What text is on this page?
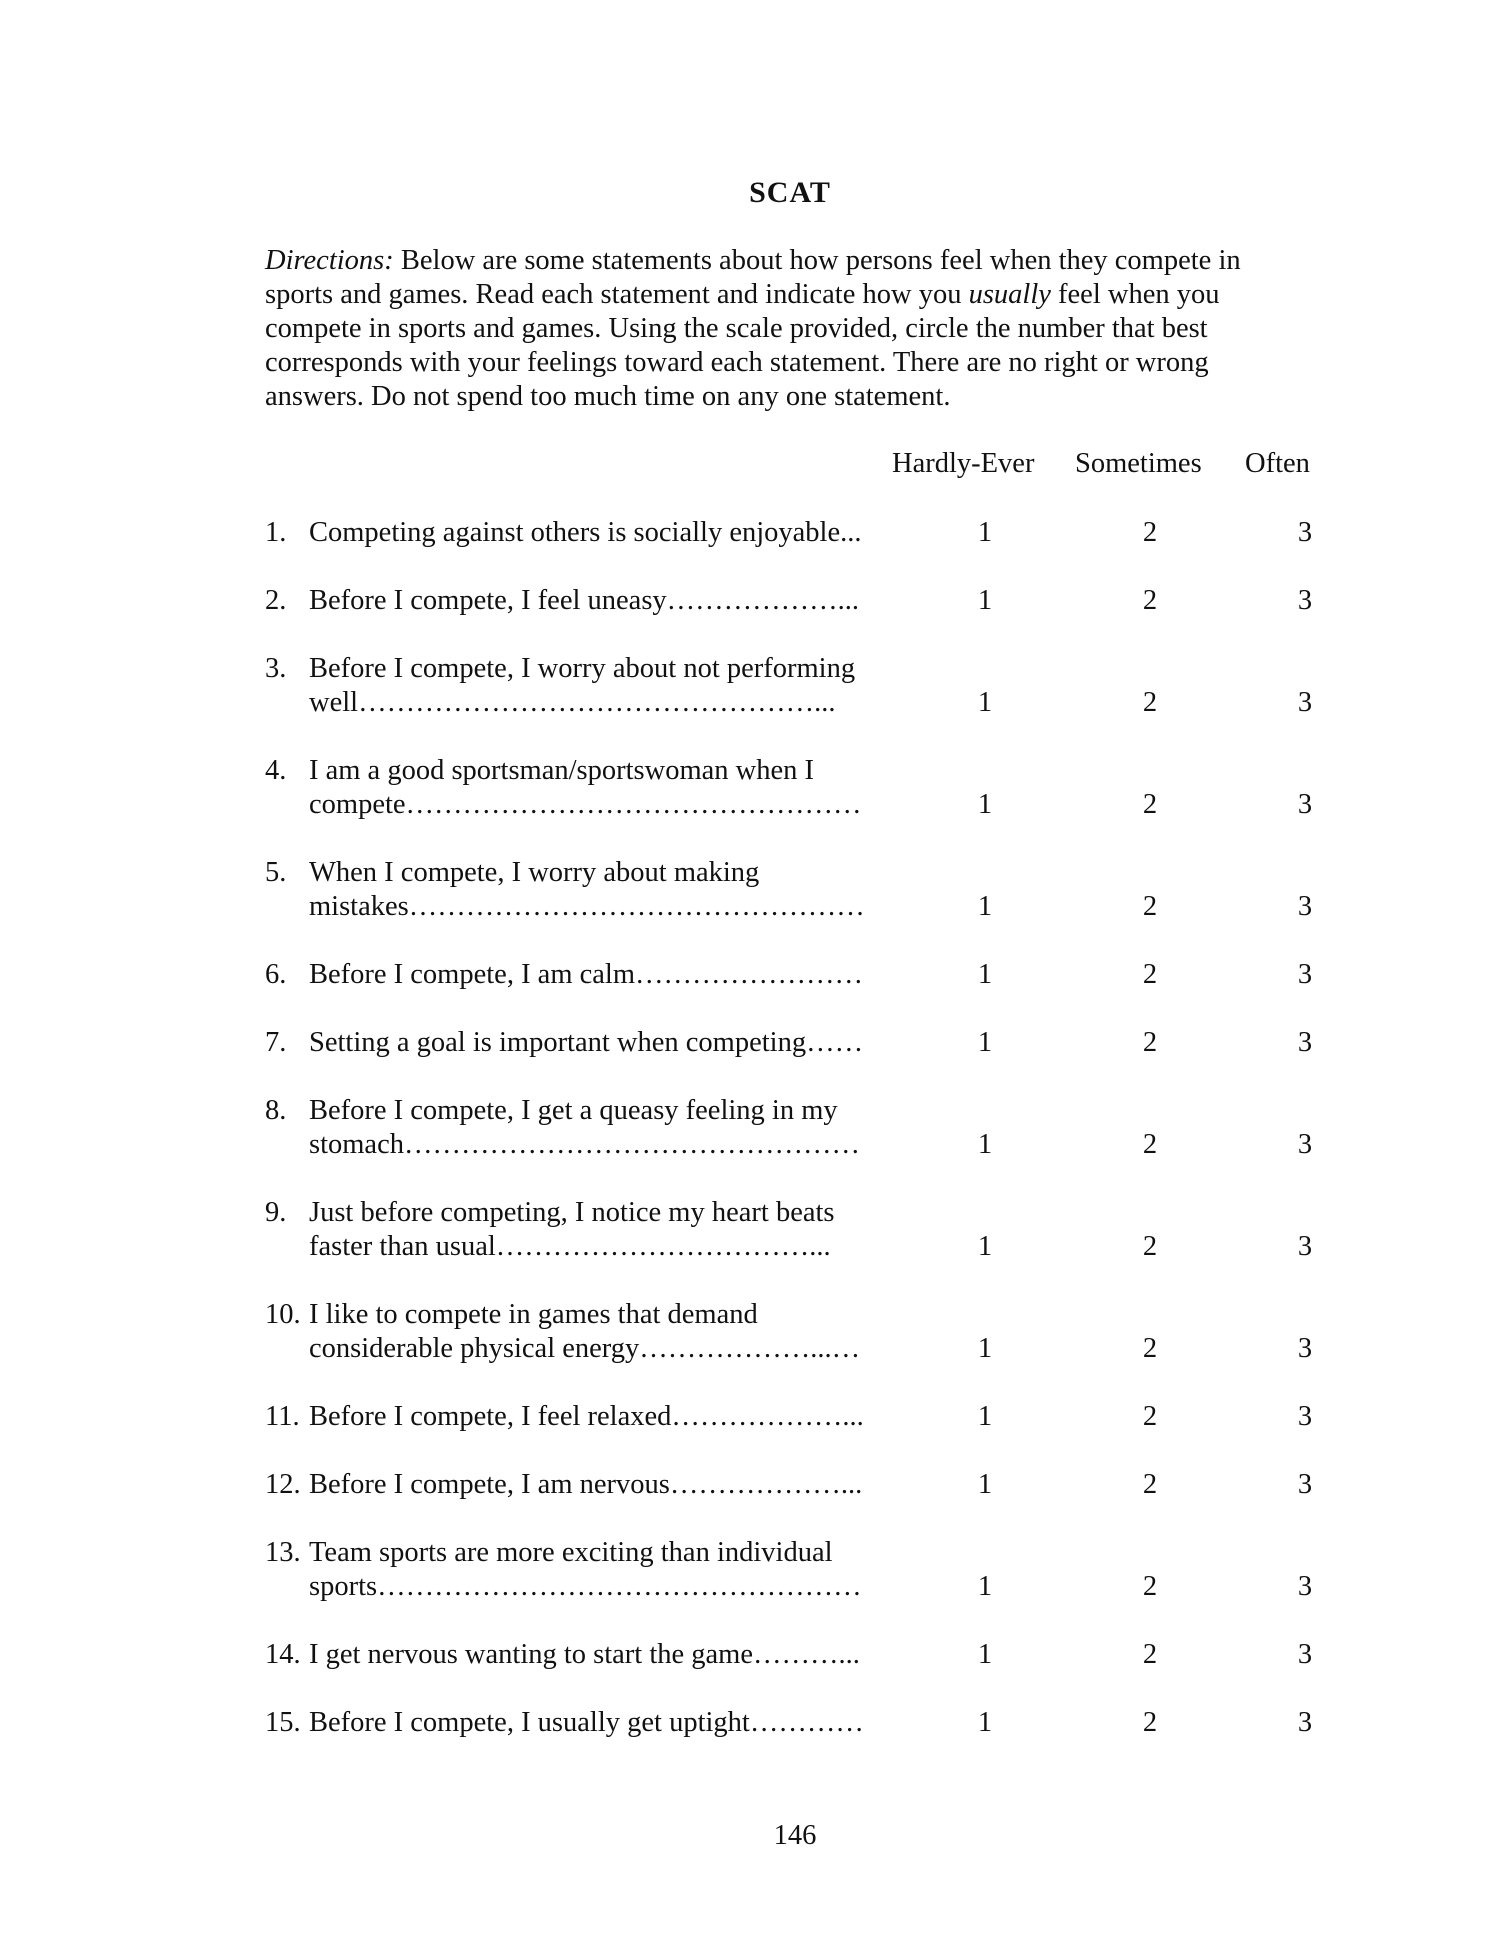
SCAT

Directions: Below are some statements about how persons feel when they compete in

sports and games. Read each statement and indicate how you usually feel when you

compete in sports and games. Using the scale provided, circle the number that best

corresponds with your feelings toward each statement. There are no right or wrong

answers. Do not spend too much time on any one statement.

Hardly-Ever Sometimes Often
1. Competing against others is socially enjoyable...	1	2	3
2. Before I compete, I feel uneasy………………...	1	2	3
3. Before I compete, I worry about not performing
well…………………………………………...	1	2	3
4. I am a good sportsman/sportswoman when I
compete…………………………………………	1	2	3
5. When I compete, I worry about making
mistakes…………………………………………	1	2	3
6. Before I compete, I am calm……………………	1	2	3
7. Setting a goal is important when competing……	1	2	3
8. Before I compete, I get a queasy feeling in my
stomach…………………………………………	1	2	3
9. Just before competing, I notice my heart beats
faster than usual……………………………...	1	2	3
10. I like to compete in games that demand
considerable physical energy………………...…	1	2	3
11. Before I compete, I feel relaxed………………...	1	2	3
12. Before I compete, I am nervous………………...	1	2	3
13. Team sports are more exciting than individual
sports……………………………………………	1	2	3
14. I get nervous wanting to start the game………...	1	2	3
15. Before I compete, I usually get uptight…………	1	2	3
146
